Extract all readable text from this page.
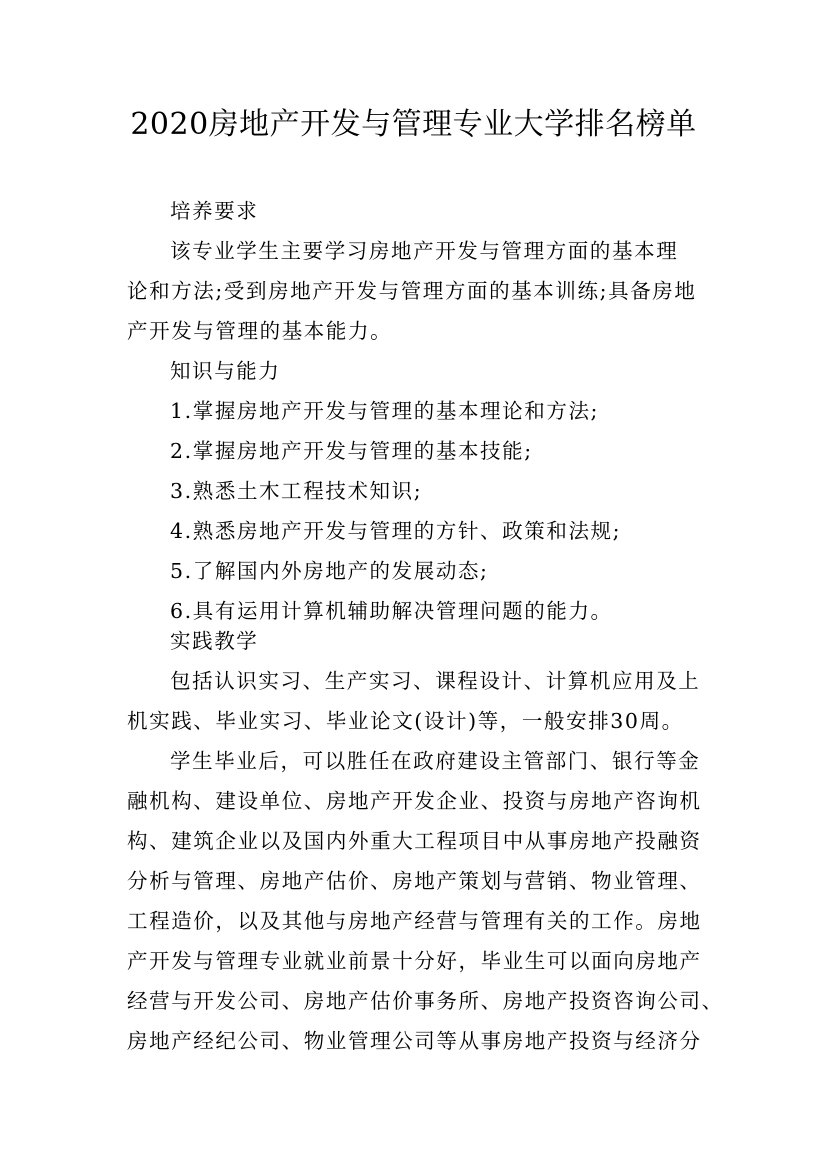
2020房地产开发与管理专业大学排名榜单
培养要求
该专业学生主要学习房地产开发与管理方面的基本理
论和方法;受到房地产开发与管理方面的基本训练;具备房地
产开发与管理的基本能力。
知识与能力
1.掌握房地产开发与管理的基本理论和方法;
2.掌握房地产开发与管理的基本技能;
3.熟悉土木工程技术知识;
4.熟悉房地产开发与管理的方针、政策和法规;
5.了解国内外房地产的发展动态;
6.具有运用计算机辅助解决管理问题的能力。
实践教学
包括认识实习、生产实习、课程设计、计算机应用及上
机实践、毕业实习、毕业论文(设计)等，一般安排30周。
学生毕业后，可以胜任在政府建设主管部门、银行等金
融机构、建设单位、房地产开发企业、投资与房地产咨询机
构、建筑企业以及国内外重大工程项目中从事房地产投融资
分析与管理、房地产估价、房地产策划与营销、物业管理、
工程造价，以及其他与房地产经营与管理有关的工作。房地
产开发与管理专业就业前景十分好，毕业生可以面向房地产
经营与开发公司、房地产估价事务所、房地产投资咨询公司、
房地产经纪公司、物业管理公司等从事房地产投资与经济分
